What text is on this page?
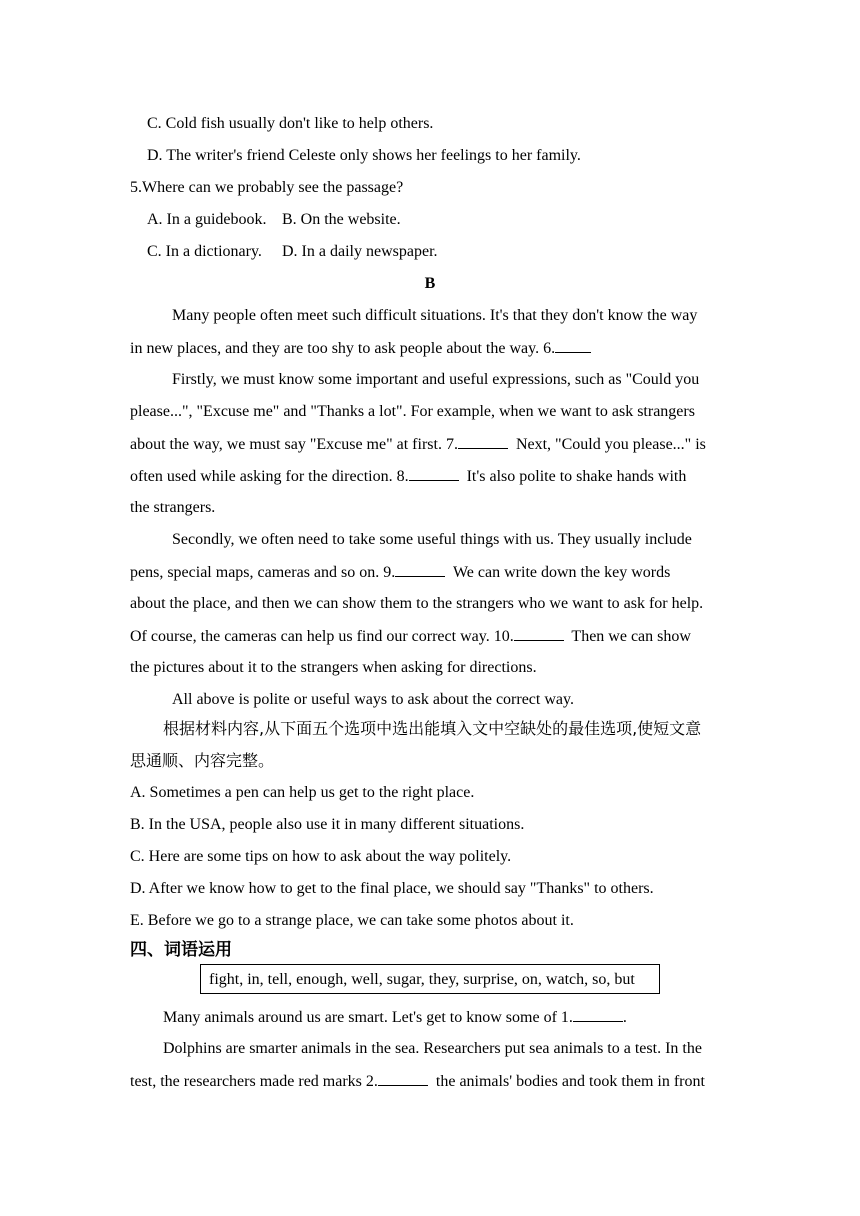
C. Cold fish usually don't like to help others.
D. The writer's friend Celeste only shows her feelings to her family.
5.Where can we probably see the passage?
A. In a guidebook. B. On the website.
C. In a dictionary. D. In a daily newspaper.
B
Many people often meet such difficult situations. It's that they don't know the way
in new places, and they are too shy to ask people about the way. 6.
Firstly, we must know some important and useful expressions, such as "Could you
please...", "Excuse me" and "Thanks a lot". For example, when we want to ask strangers
about the way, we must say "Excuse me" at first. 7.	Next, "Could you please..." is
often used while asking for the direction. 8.	It's also polite to shake hands with
the strangers.
Secondly, we often need to take some useful things with us. They usually include
pens, special maps, cameras and so on. 9.	We can write down the key words
about the place, and then we can show them to the strangers who we want to ask for help.
Of course, the cameras can help us find our correct way. 10.	Then we can show
the pictures about it to the strangers when asking for directions.
All above is polite or useful ways to ask about the correct way.
根据材料内容,从下面五个选项中选出能填入文中空缺处的最佳选项,使短文意
思通顺、内容完整。
A. Sometimes a pen can help us get to the right place.
B. In the USA, people also use it in many different situations.
C. Here are some tips on how to ask about the way politely.
D. After we know how to get to the final place, we should say "Thanks" to others.
E. Before we go to a strange place, we can take some photos about it.
四、词语运用
fight, in, tell, enough, well, sugar, they, surprise, on, watch, so, but
Many animals around us are smart. Let's get to know some of 1.	.
Dolphins are smarter animals in the sea. Researchers put sea animals to a test. In the
test, the researchers made red marks 2.	the animals' bodies and took them in front
